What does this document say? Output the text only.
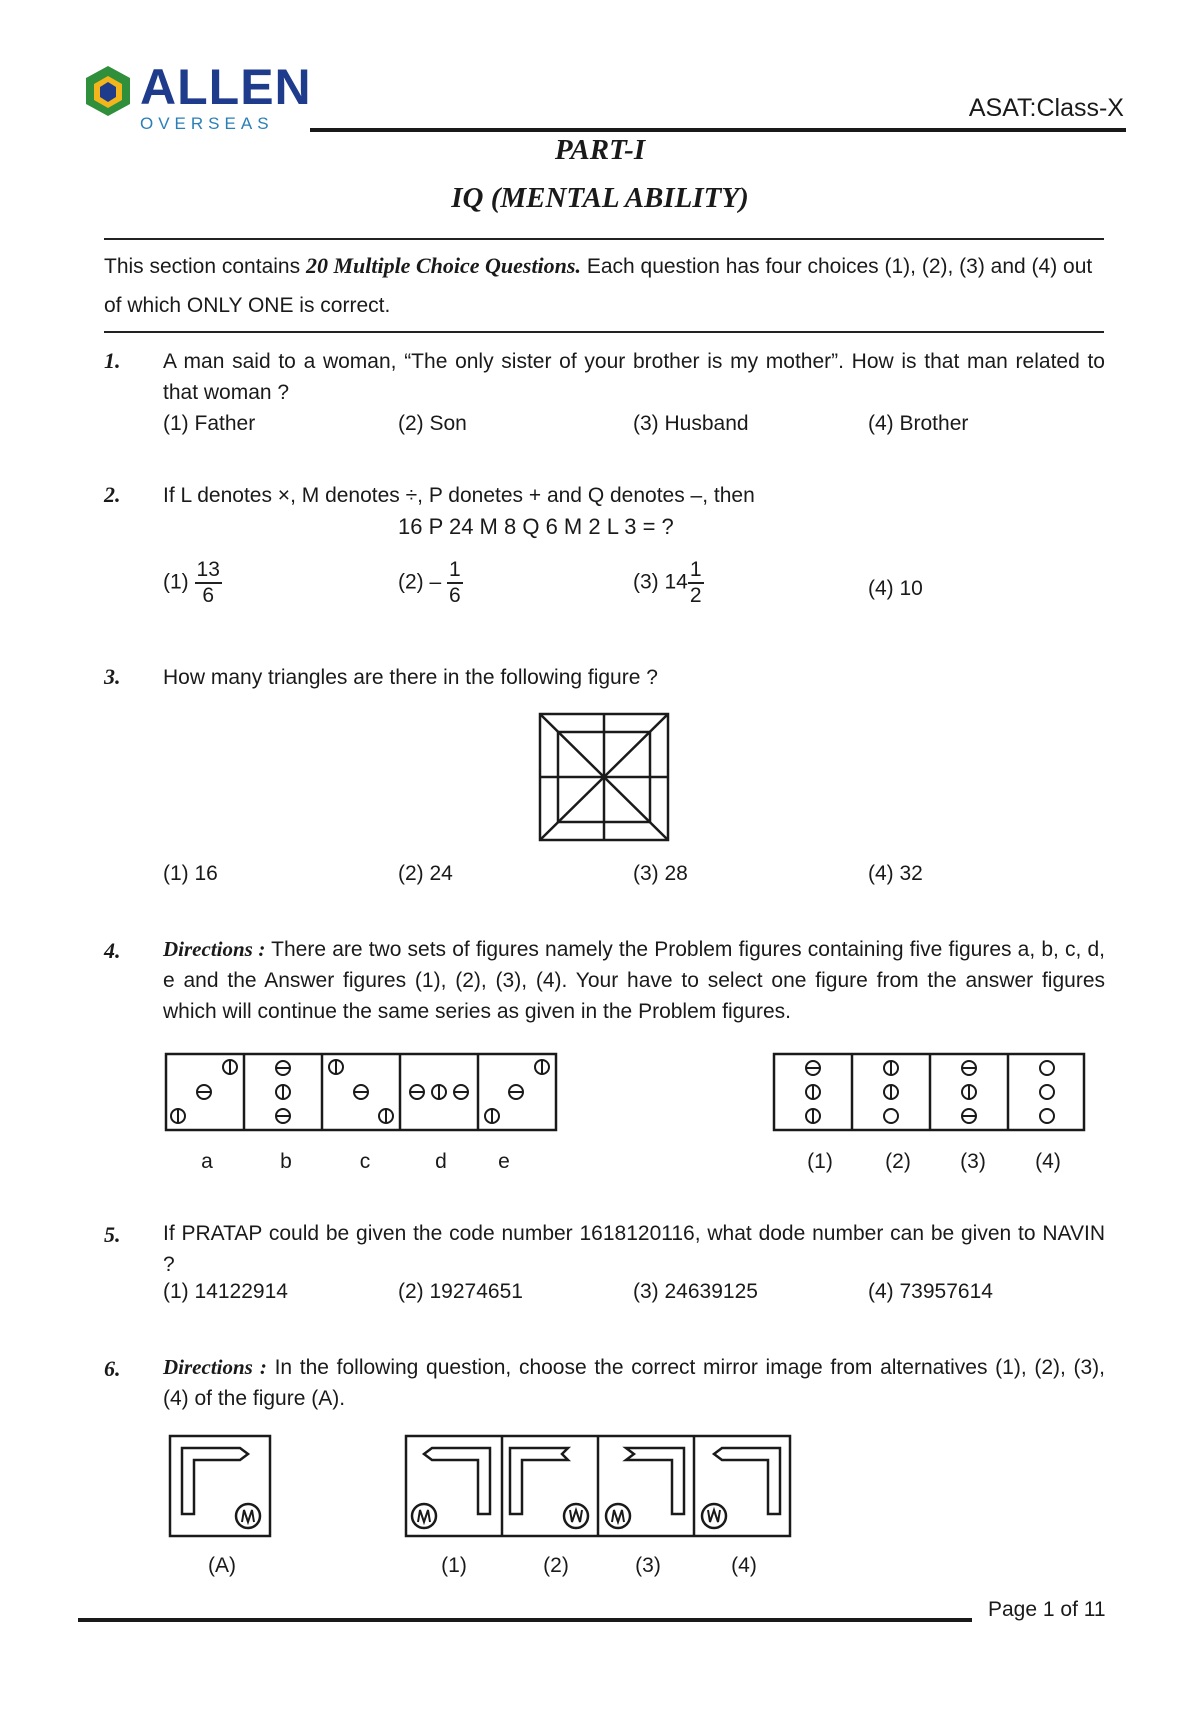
ALLEN
OVERSEAS
ASAT:Class-X
PART-I
IQ (MENTAL ABILITY)
This section contains 20 Multiple Choice Questions. Each question has four choices (1), (2), (3) and (4) out of which ONLY ONE is correct.
1. A man said to a woman, “The only sister of your brother is my mother”. How is that man related to that woman ?
(1) Father	(2) Son	(3) Husband	(4) Brother
2. If L denotes ×, M denotes ÷, P donetes + and Q denotes –, then
16 P 24 M 8 Q 6 M 2 L 3 = ?
$(1) \frac{13}{6}$	$(2) - \frac{1}{6}$	(3) $14 \frac{1}{2}$	(4) 10
3. How many triangles are there in the following figure ?
(1) 16	(2) 24	(3) 28	(4) 32
4. Directions : There are two sets of figures namely the Problem figures containing five figures a, b, c, d, e and the Answer figures (1), (2), (3), (4). Your have to select one figure from the answer figures which will continue the same series as given in the Problem figures.
a	b	c	d	e	(1)	(2)	(3)	(4)
5. If PRATAP could be given the code number 1618120116, what dode number can be given to NAVIN ?
(1) 14122914	(2) 19274651	(3) 24639125	(4) 73957614
6. Directions : In the following question, choose the correct mirror image from alternatives (1), (2), (3), (4) of the figure (A).
(A)	(1)	(2)	(3)	(4)
Page 1 of 11
